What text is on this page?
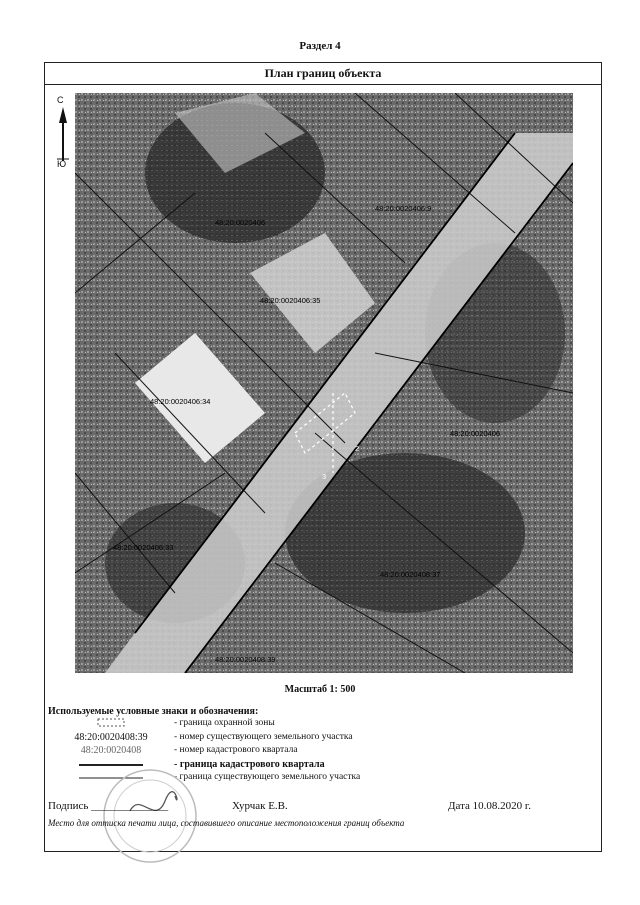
Раздел 4
План границ объекта
С
Ю
48:20:0020406
48:20:0020406:9
48:20:0020406:35
48:20:0020406:34
48:20:0020406
48:20:0020406:33
48:20:0020408:37
48:20:0020408:39
2
3
Масштаб 1: 500
Используемые условные знаки и обозначения:
- граница охранной зоны
48:20:0020408:39	- номер существующего земельного участка
48:20:0020408	- номер кадастрового квартала
- граница кадастрового квартала
- граница существующего земельного участка
Подпись ______________	Хурчак Е.В.	Дата 10.08.2020 г.
Место для оттиска печати лица, составившего описание местоположения границ объекта
